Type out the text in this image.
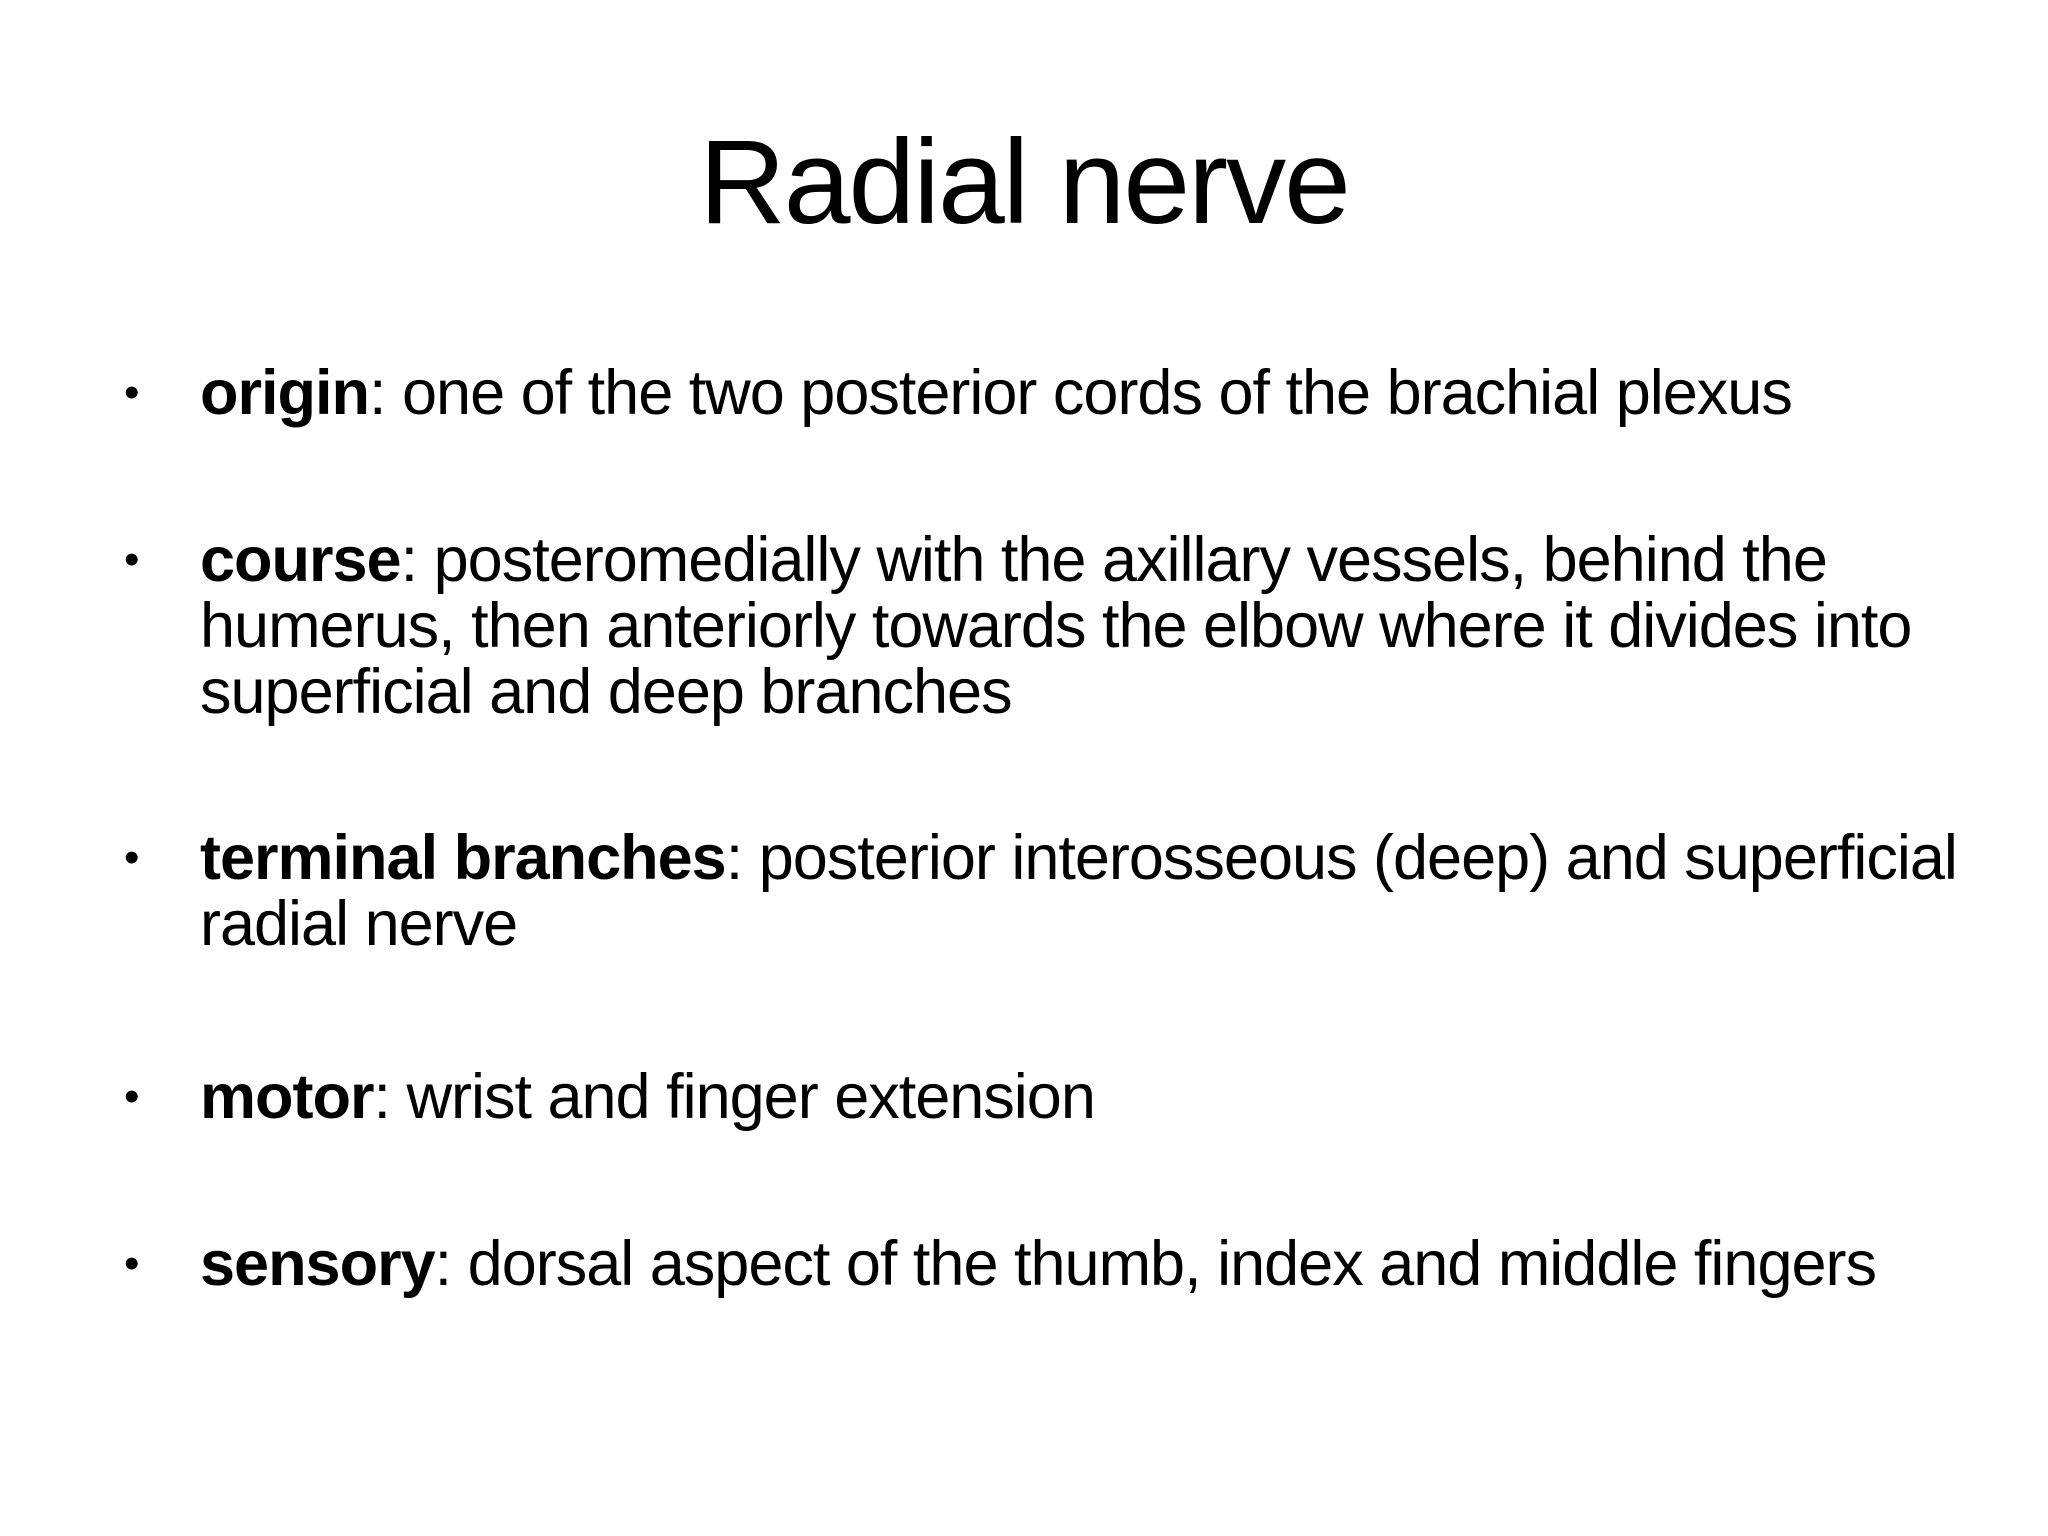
Radial nerve
• origin: one of the two posterior cords of the brachial plexus
• course: posteromedially with the axillary vessels, behind the humerus, then anteriorly towards the elbow where it divides into superficial and deep branches
• terminal branches: posterior interosseous (deep) and superficial radial nerve
• motor: wrist and finger extension
• sensory: dorsal aspect of the thumb, index and middle fingers
